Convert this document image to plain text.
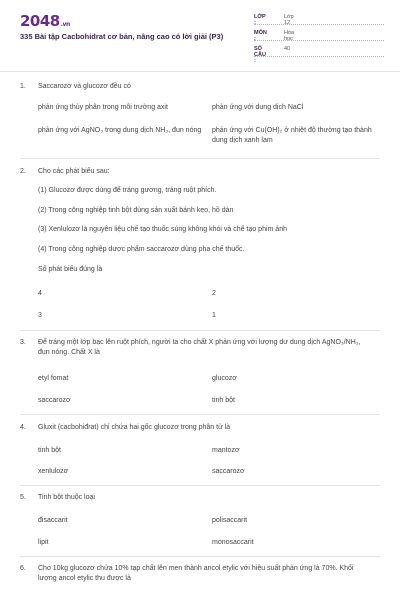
2048.vn
335 Bài tập Cacbohidrat cơ bản, nâng cao có lời giải (P3)
LỚP :
Lớp 12
MÔN :
Hóa học
SỐ CÂU :
40
1. Saccarozơ và glucozơ đều có
phản ứng thủy phân trong môi trường axit	phản ứng với dung dịch NaCl
phản ứng với AgNO₃ trong dung dịch NH₃, đun nóng	phản ứng với Cu(OH)₂ ở nhiệt độ thường tạo thành dung dịch xanh lam
2. Cho các phát biểu sau:
(1) Glucozơ được dùng để tráng gương, tráng ruột phích.
(2) Trong công nghiệp tinh bột dùng sản xuất bánh kẹo, hồ dán
(3) Xenlulozơ là nguyên liệu chế tạo thuốc súng không khói và chế tạo phim ảnh
(4) Trong công nghiệp dược phẩm saccarozơ dùng pha chế thuốc.
Số phát biểu đúng là
4	2
3	1
3. Để tráng một lớp bạc lên ruột phích, người ta cho chất X phản ứng với lượng dư dung dịch AgNO₃/NH₃, đun nóng. Chất X là
etyl fomat	glucozơ
saccarozơ	tinh bột
4. Gluxit (cacbohiđrat) chỉ chứa hai gốc glucozơ trong phân tử là
tinh bột	mantozơ
xenlulozơ	saccarozơ
5. Tinh bột thuộc loại
đisaccarit	polisaccarit
lipit	monosaccarit
6. Cho 10kg glucozơ chứa 10% tạp chất lên men thành ancol etylic với hiệu suất phản ứng là 70%. Khối lượng ancol etylic thu được là
